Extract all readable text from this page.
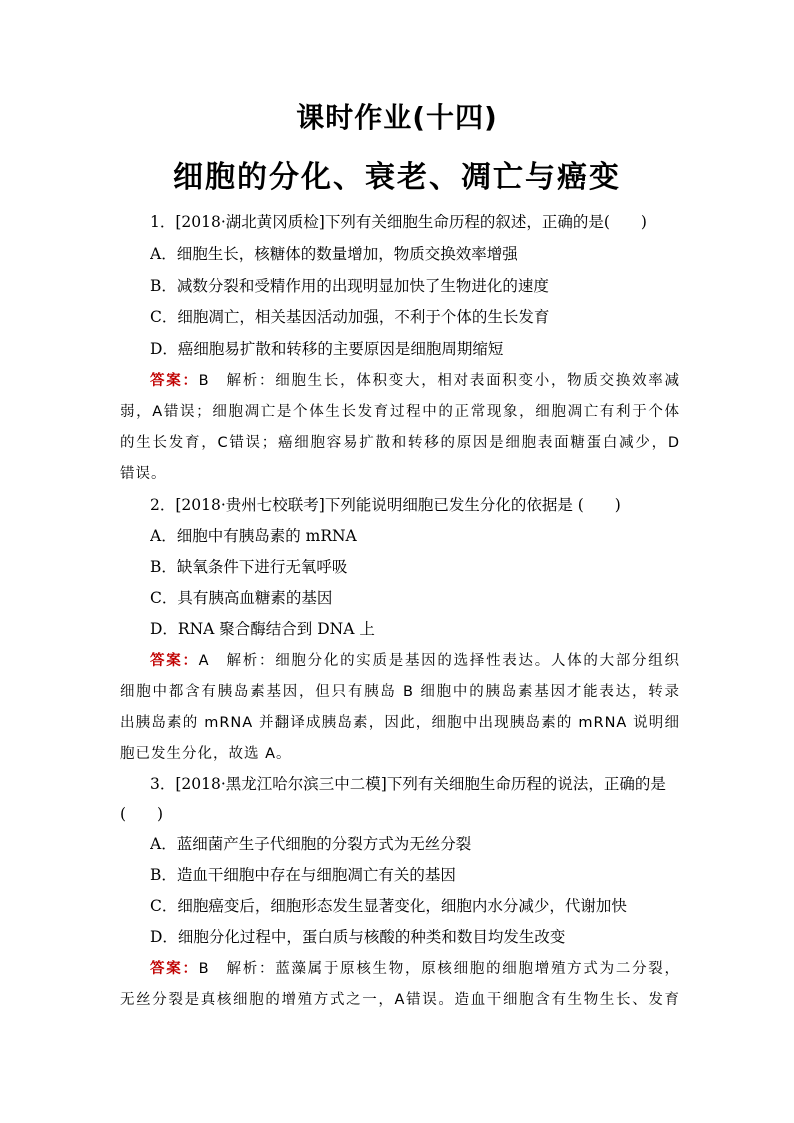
课时作业(十四)
细胞的分化、衰老、凋亡与癌变
1．[2018·湖北黄冈质检]下列有关细胞生命历程的叙述，正确的是(　　)
A．细胞生长，核糖体的数量增加，物质交换效率增强
B．减数分裂和受精作用的出现明显加快了生物进化的速度
C．细胞凋亡，相关基因活动加强，不利于个体的生长发育
D．癌细胞易扩散和转移的主要原因是细胞周期缩短
答案：B　解析：细胞生长，体积变大，相对表面积变小，物质交换效率减
弱，A错误；细胞凋亡是个体生长发育过程中的正常现象，细胞凋亡有利于个体
的生长发育，C错误；癌细胞容易扩散和转移的原因是细胞表面糖蛋白减少，D
错误。
2．[2018·贵州七校联考]下列能说明细胞已发生分化的依据是 (　　)
A．细胞中有胰岛素的 mRNA
B．缺氧条件下进行无氧呼吸
C．具有胰高血糖素的基因
D．RNA 聚合酶结合到 DNA 上
答案：A　解析：细胞分化的实质是基因的选择性表达。人体的大部分组织
细胞中都含有胰岛素基因，但只有胰岛 B 细胞中的胰岛素基因才能表达，转录
出胰岛素的 mRNA 并翻译成胰岛素，因此，细胞中出现胰岛素的 mRNA 说明细
胞已发生分化，故选 A。
3．[2018·黑龙江哈尔滨三中二模]下列有关细胞生命历程的说法，正确的是
(　　)
A．蓝细菌产生子代细胞的分裂方式为无丝分裂
B．造血干细胞中存在与细胞凋亡有关的基因
C．细胞癌变后，细胞形态发生显著变化，细胞内水分减少，代谢加快
D．细胞分化过程中，蛋白质与核酸的种类和数目均发生改变
答案：B　解析：蓝藻属于原核生物，原核细胞的细胞增殖方式为二分裂，
无丝分裂是真核细胞的增殖方式之一，A错误。造血干细胞含有生物生长、发育
